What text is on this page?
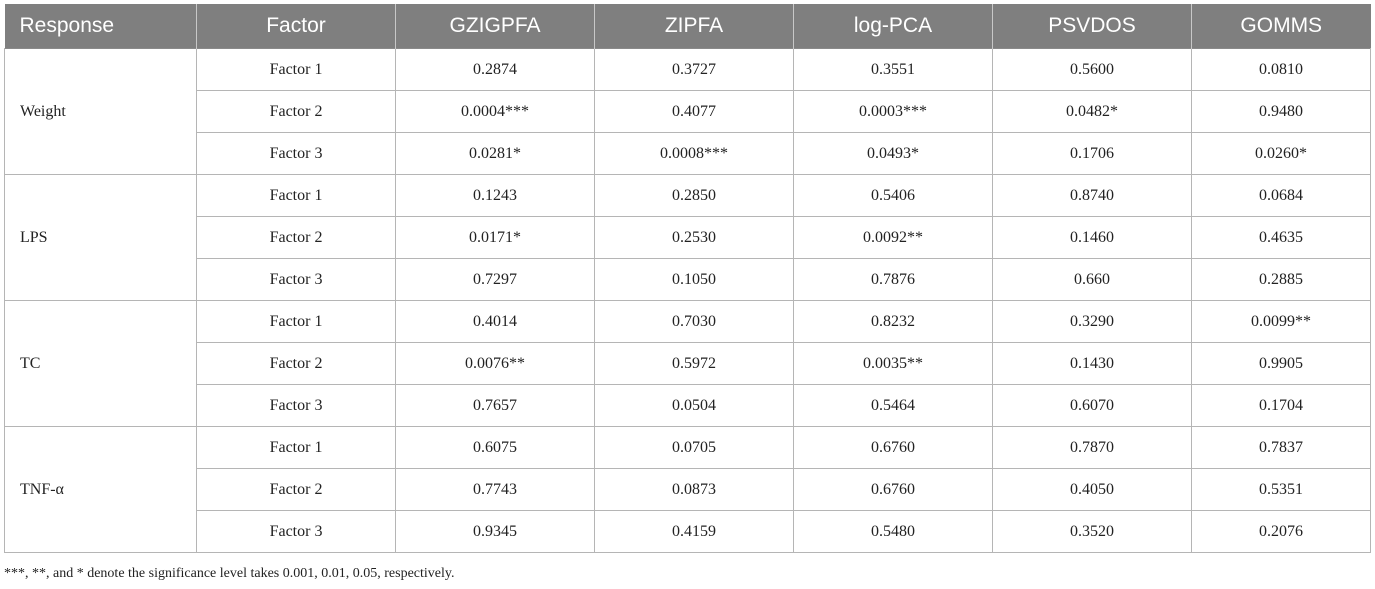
Response	Factor	GZIGPFA	ZIPFA	log-PCA	PSVDOS	GOMMS
Weight	Factor 1	0.2874	0.3727	0.3551	0.5600	0.0810
	Factor 2	0.0004***	0.4077	0.0003***	0.0482*	0.9480
	Factor 3	0.0281*	0.0008***	0.0493*	0.1706	0.0260*
LPS	Factor 1	0.1243	0.2850	0.5406	0.8740	0.0684
	Factor 2	0.0171*	0.2530	0.0092**	0.1460	0.4635
	Factor 3	0.7297	0.1050	0.7876	0.660	0.2885
TC	Factor 1	0.4014	0.7030	0.8232	0.3290	0.0099**
	Factor 2	0.0076**	0.5972	0.0035**	0.1430	0.9905
	Factor 3	0.7657	0.0504	0.5464	0.6070	0.1704
TNF-α	Factor 1	0.6075	0.0705	0.6760	0.7870	0.7837
	Factor 2	0.7743	0.0873	0.6760	0.4050	0.5351
	Factor 3	0.9345	0.4159	0.5480	0.3520	0.2076
***, **, and * denote the significance level takes 0.001, 0.01, 0.05, respectively.
